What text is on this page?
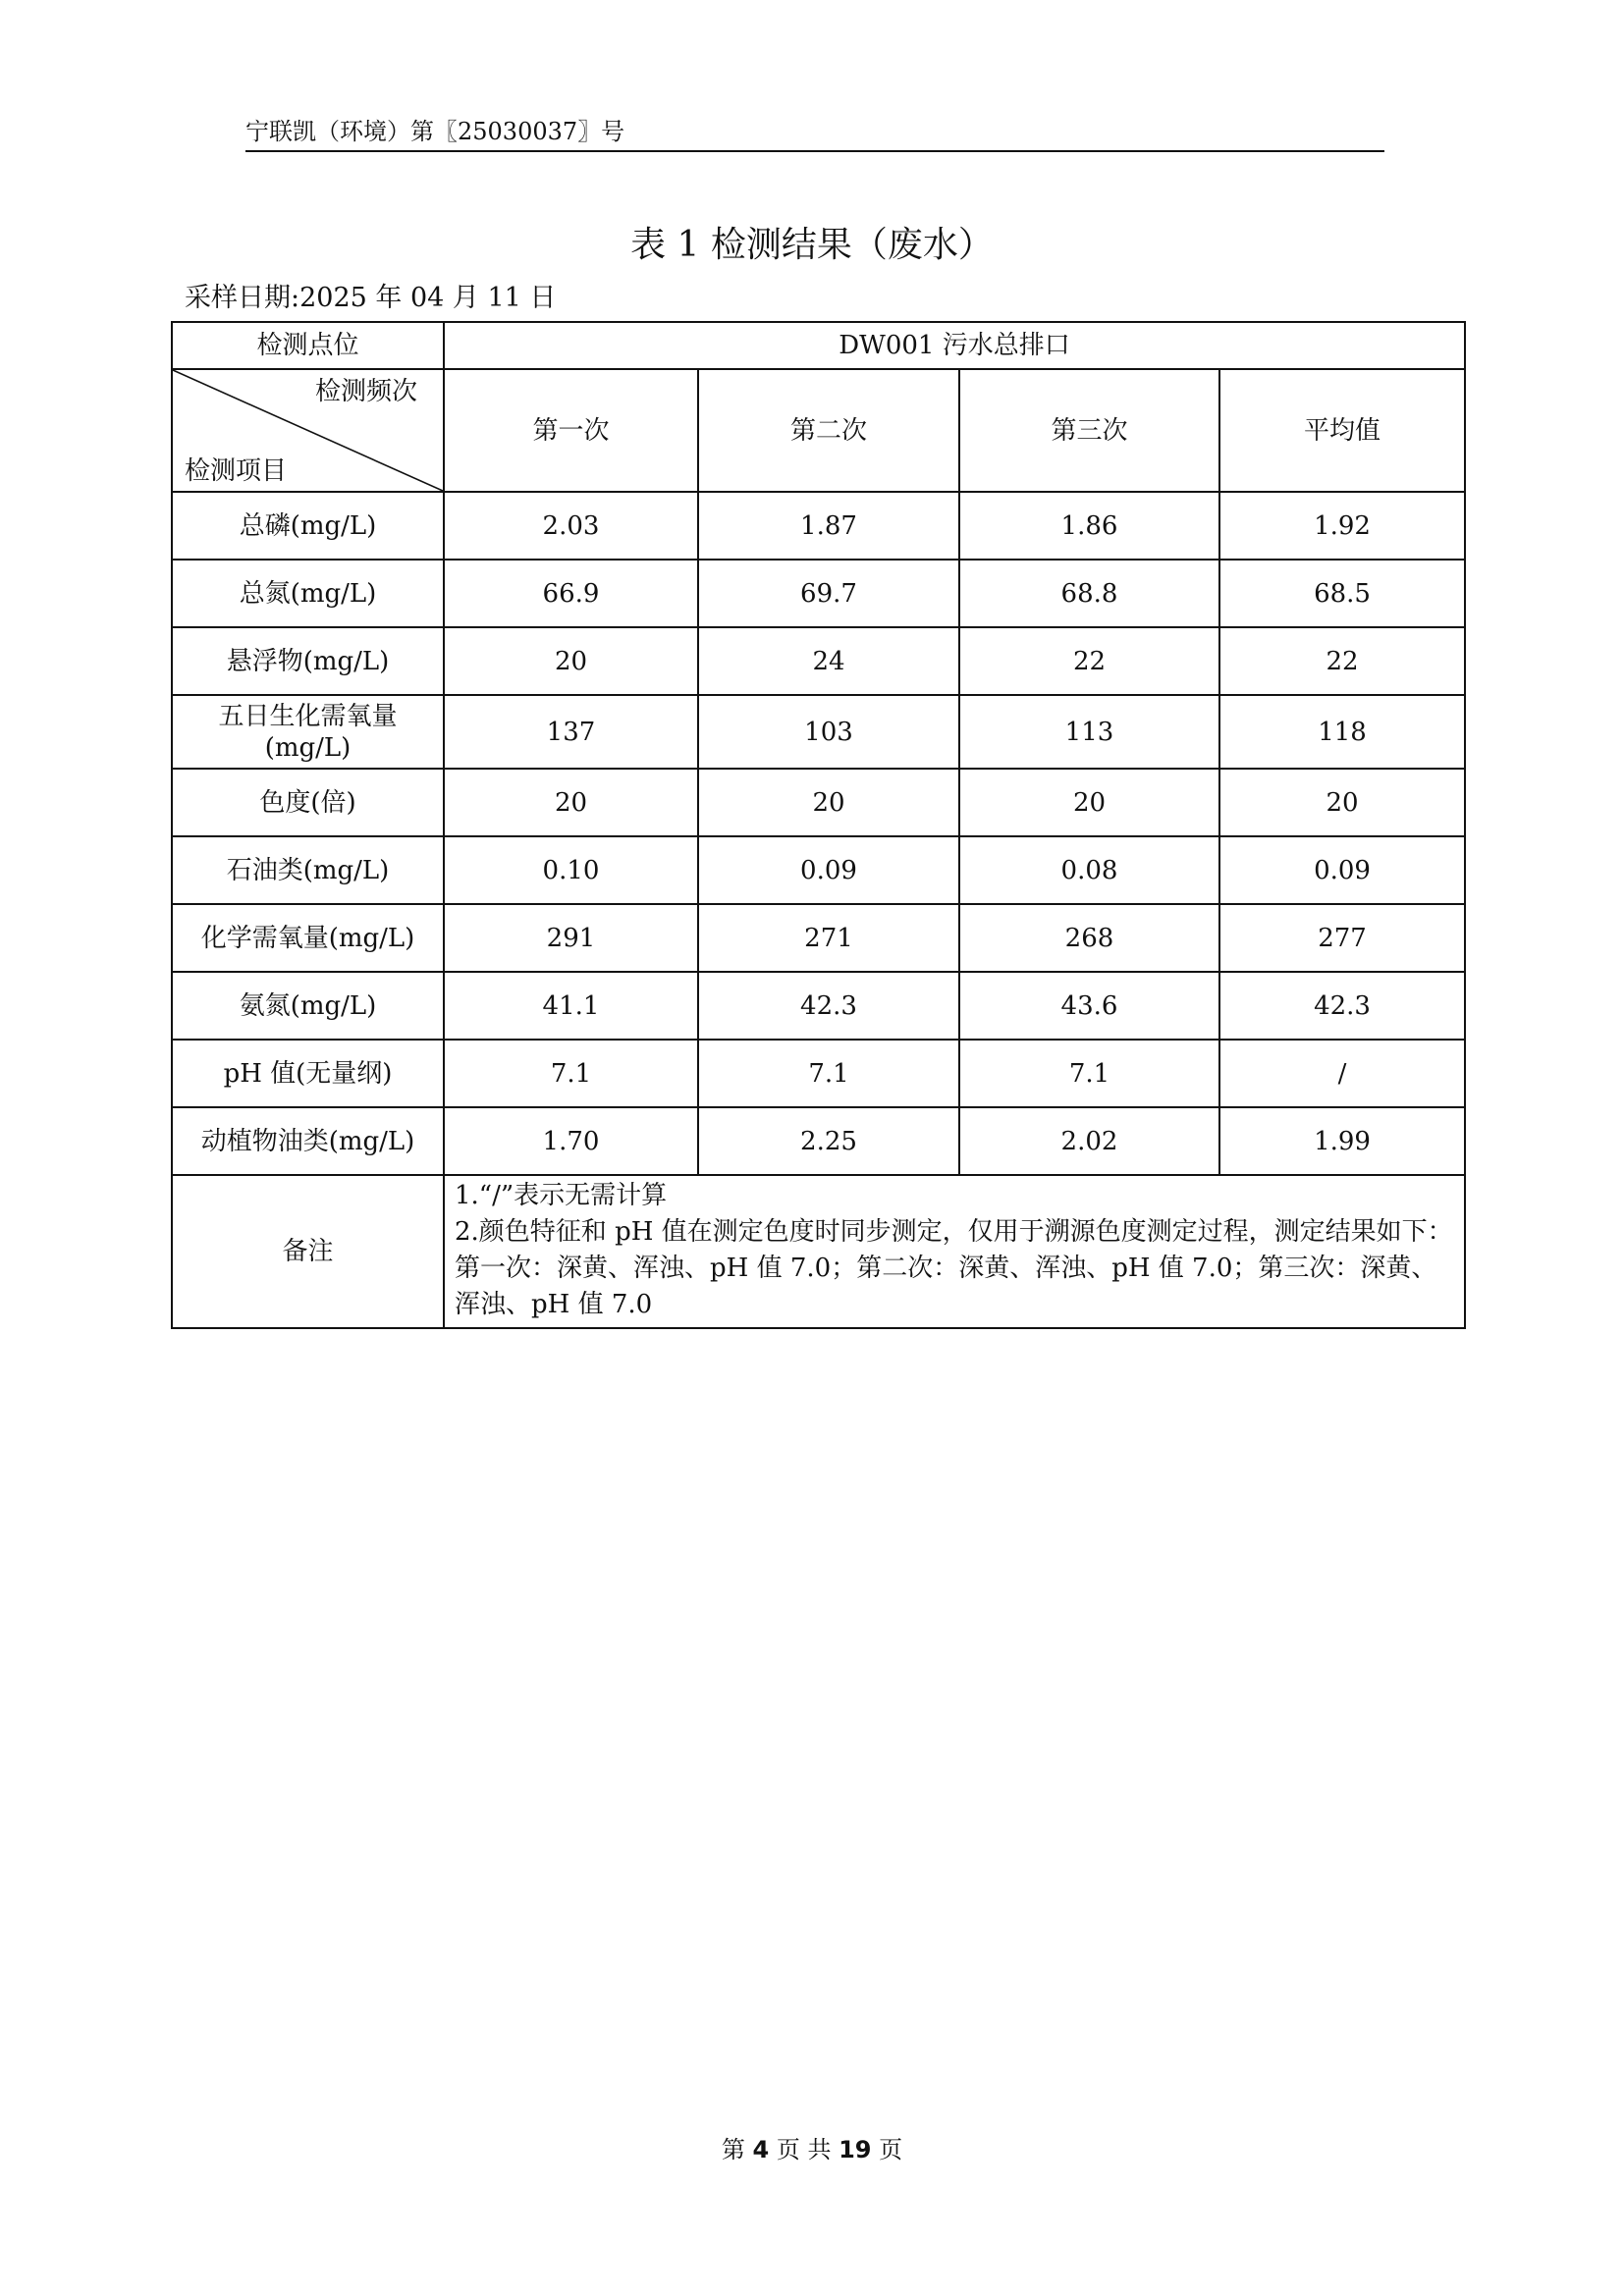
宁联凯（环境）第〖25030037〗号
表 1 检测结果（废水）
采样日期:2025 年 04 月 11 日
检测点位	DW001 污水总排口			

检测频次
检测项目	第一次	第二次	第三次	平均值
总磷(mg/L)	2.03	1.87	1.86	1.92
总氮(mg/L)	66.9	69.7	68.8	68.5
悬浮物(mg/L)	20	24	22	22
五日生化需氧量(mg/L)	137	103	113	118
色度(倍)	20	20	20	20
石油类(mg/L)	0.10	0.09	0.08	0.09
化学需氧量(mg/L)	291	271	268	277
氨氮(mg/L)	41.1	42.3	43.6	42.3
pH 值(无量纲)	7.1	7.1	7.1	/
动植物油类(mg/L)	1.70	2.25	2.02	1.99
备注	1.“/”表示无需计算
2.颜色特征和 pH 值在测定色度时同步测定，仅用于溯源色度测定过程，测定结果如下：第一次：深黄、浑浊、pH 值 7.0；第二次：深黄、浑浊、pH 值 7.0；第三次：深黄、浑浊、pH 值 7.0			
第 4 页 共 19 页
